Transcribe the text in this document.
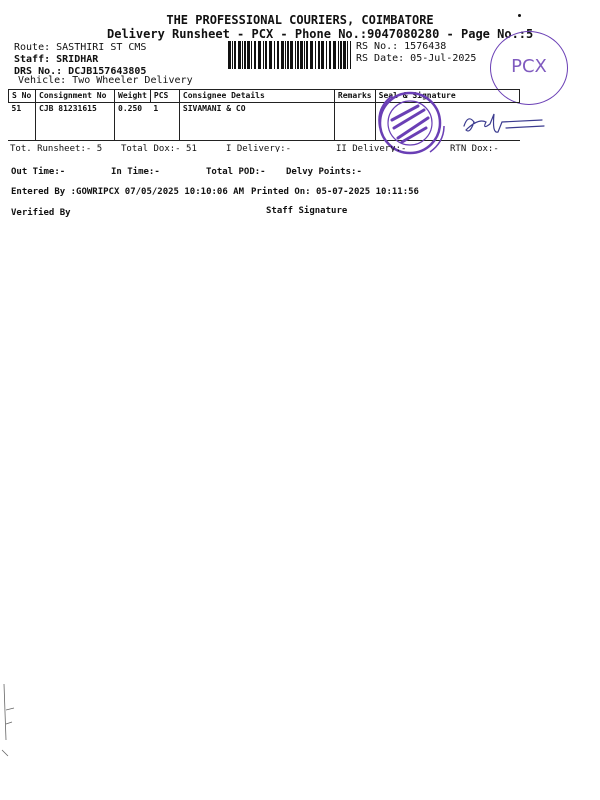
THE PROFESSIONAL COURIERS, COIMBATORE
Delivery Runsheet - PCX - Phone No.:9047080280 - Page No.:5
Route: SASTHIRI ST CMS
Staff: SRIDHAR
DRS No.: DCJB157643805
Vehicle: Two Wheeler Delivery
RS No.: 1576438
RS Date: 05-Jul-2025	PCX
S No	Consignment No	Weight	PCS	Consignee Details	Remarks	Seal & Signature
51	CJB 81231615	0.250	1	SIVAMANI & CO		
Tot. Runsheet:- 5 Total Dox:- 51	I Delivery:-	II Delivery:-	RTN Dox:-
Out Time:-	In Time:-	Total POD:- Delvy Points:-
Entered By :GOWRIPCX 07/05/2025 10:10:06 AM Printed On: 05-07-2025 10:11:56
Verified By	Staff Signature
